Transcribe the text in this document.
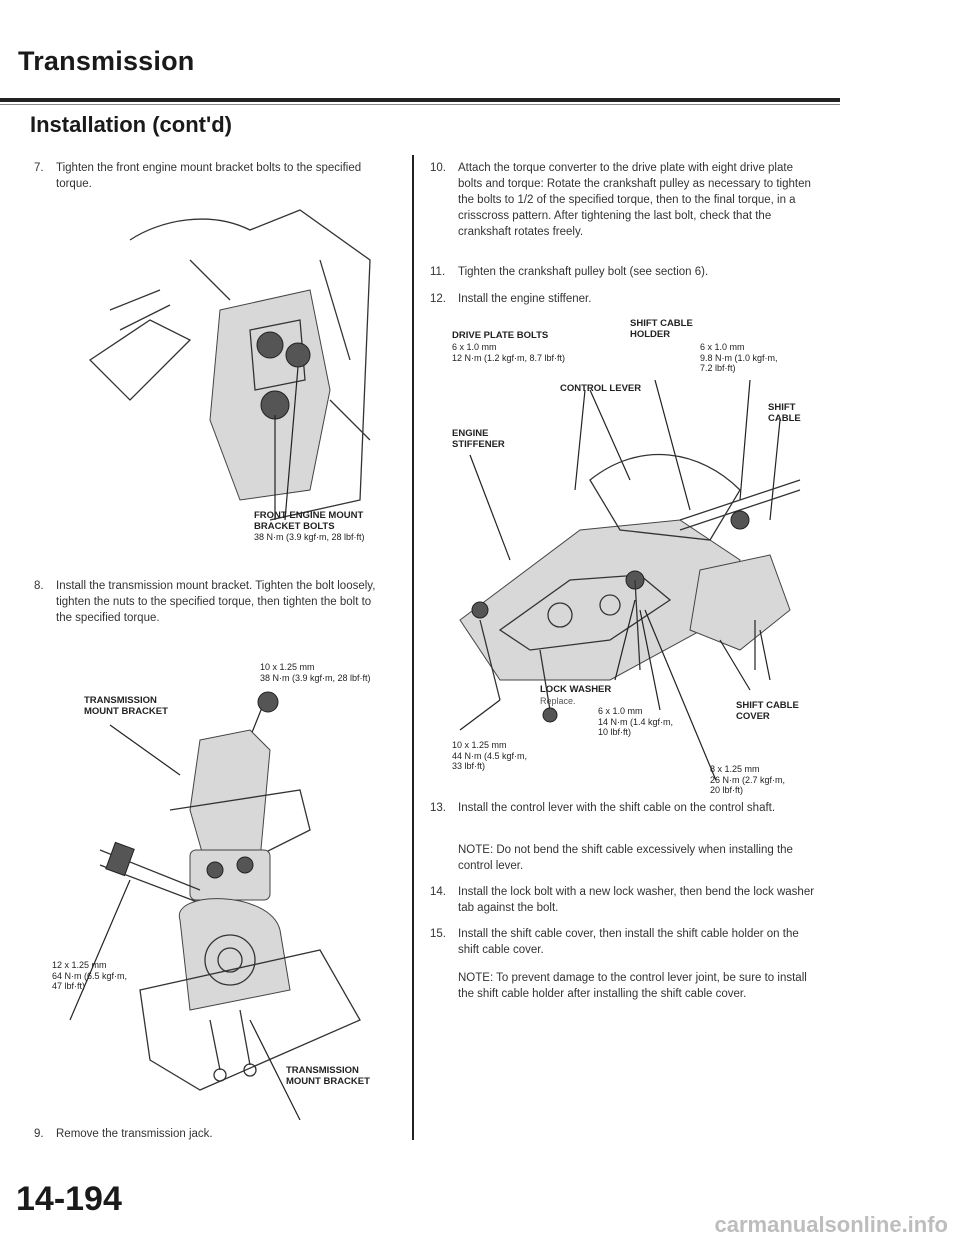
Transmission
Installation (cont'd)
7. Tighten the front engine mount bracket bolts to the specified torque.
FRONT ENGINE MOUNT
BRACKET BOLTS
38 N·m (3.9 kgf·m, 28 lbf·ft)
8. Install the transmission mount bracket. Tighten the bolt loosely, tighten the nuts to the specified torque, then tighten the bolt to the specified torque.
10 x 1.25 mm
38 N·m (3.9 kgf·m, 28 lbf·ft)
TRANSMISSION
MOUNT BRACKET
12 x 1.25 mm
64 N·m (6.5 kgf·m,
47 lbf·ft)
TRANSMISSION
MOUNT BRACKET
9. Remove the transmission jack.
10. Attach the torque converter to the drive plate with eight drive plate bolts and torque: Rotate the crankshaft pulley as necessary to tighten the bolts to 1/2 of the specified torque, then to the final torque, in a crisscross pattern. After tightening the last bolt, check that the crankshaft rotates freely.
11. Tighten the crankshaft pulley bolt (see section 6).
12. Install the engine stiffener.
DRIVE PLATE BOLTS
6 x 1.0 mm
12 N·m (1.2 kgf·m, 8.7 lbf·ft)
SHIFT CABLE
HOLDER
6 x 1.0 mm
9.8 N·m (1.0 kgf·m,
7.2 lbf·ft)
CONTROL LEVER
SHIFT
CABLE
ENGINE
STIFFENER
LOCK WASHER
Replace.
6 x 1.0 mm
14 N·m (1.4 kgf·m,
10 lbf·ft)
SHIFT CABLE
COVER
10 x 1.25 mm
44 N·m (4.5 kgf·m,
33 lbf·ft)	8 x 1.25 mm
26 N·m (2.7 kgf·m,
20 lbf·ft)
13. Install the control lever with the shift cable on the control shaft.
NOTE: Do not bend the shift cable excessively when installing the control lever.
14. Install the lock bolt with a new lock washer, then bend the lock washer tab against the bolt.
15. Install the shift cable cover, then install the shift cable holder on the shift cable cover.
NOTE: To prevent damage to the control lever joint, be sure to install the shift cable holder after installing the shift cable cover.
14-194
carmanualsonline.info
